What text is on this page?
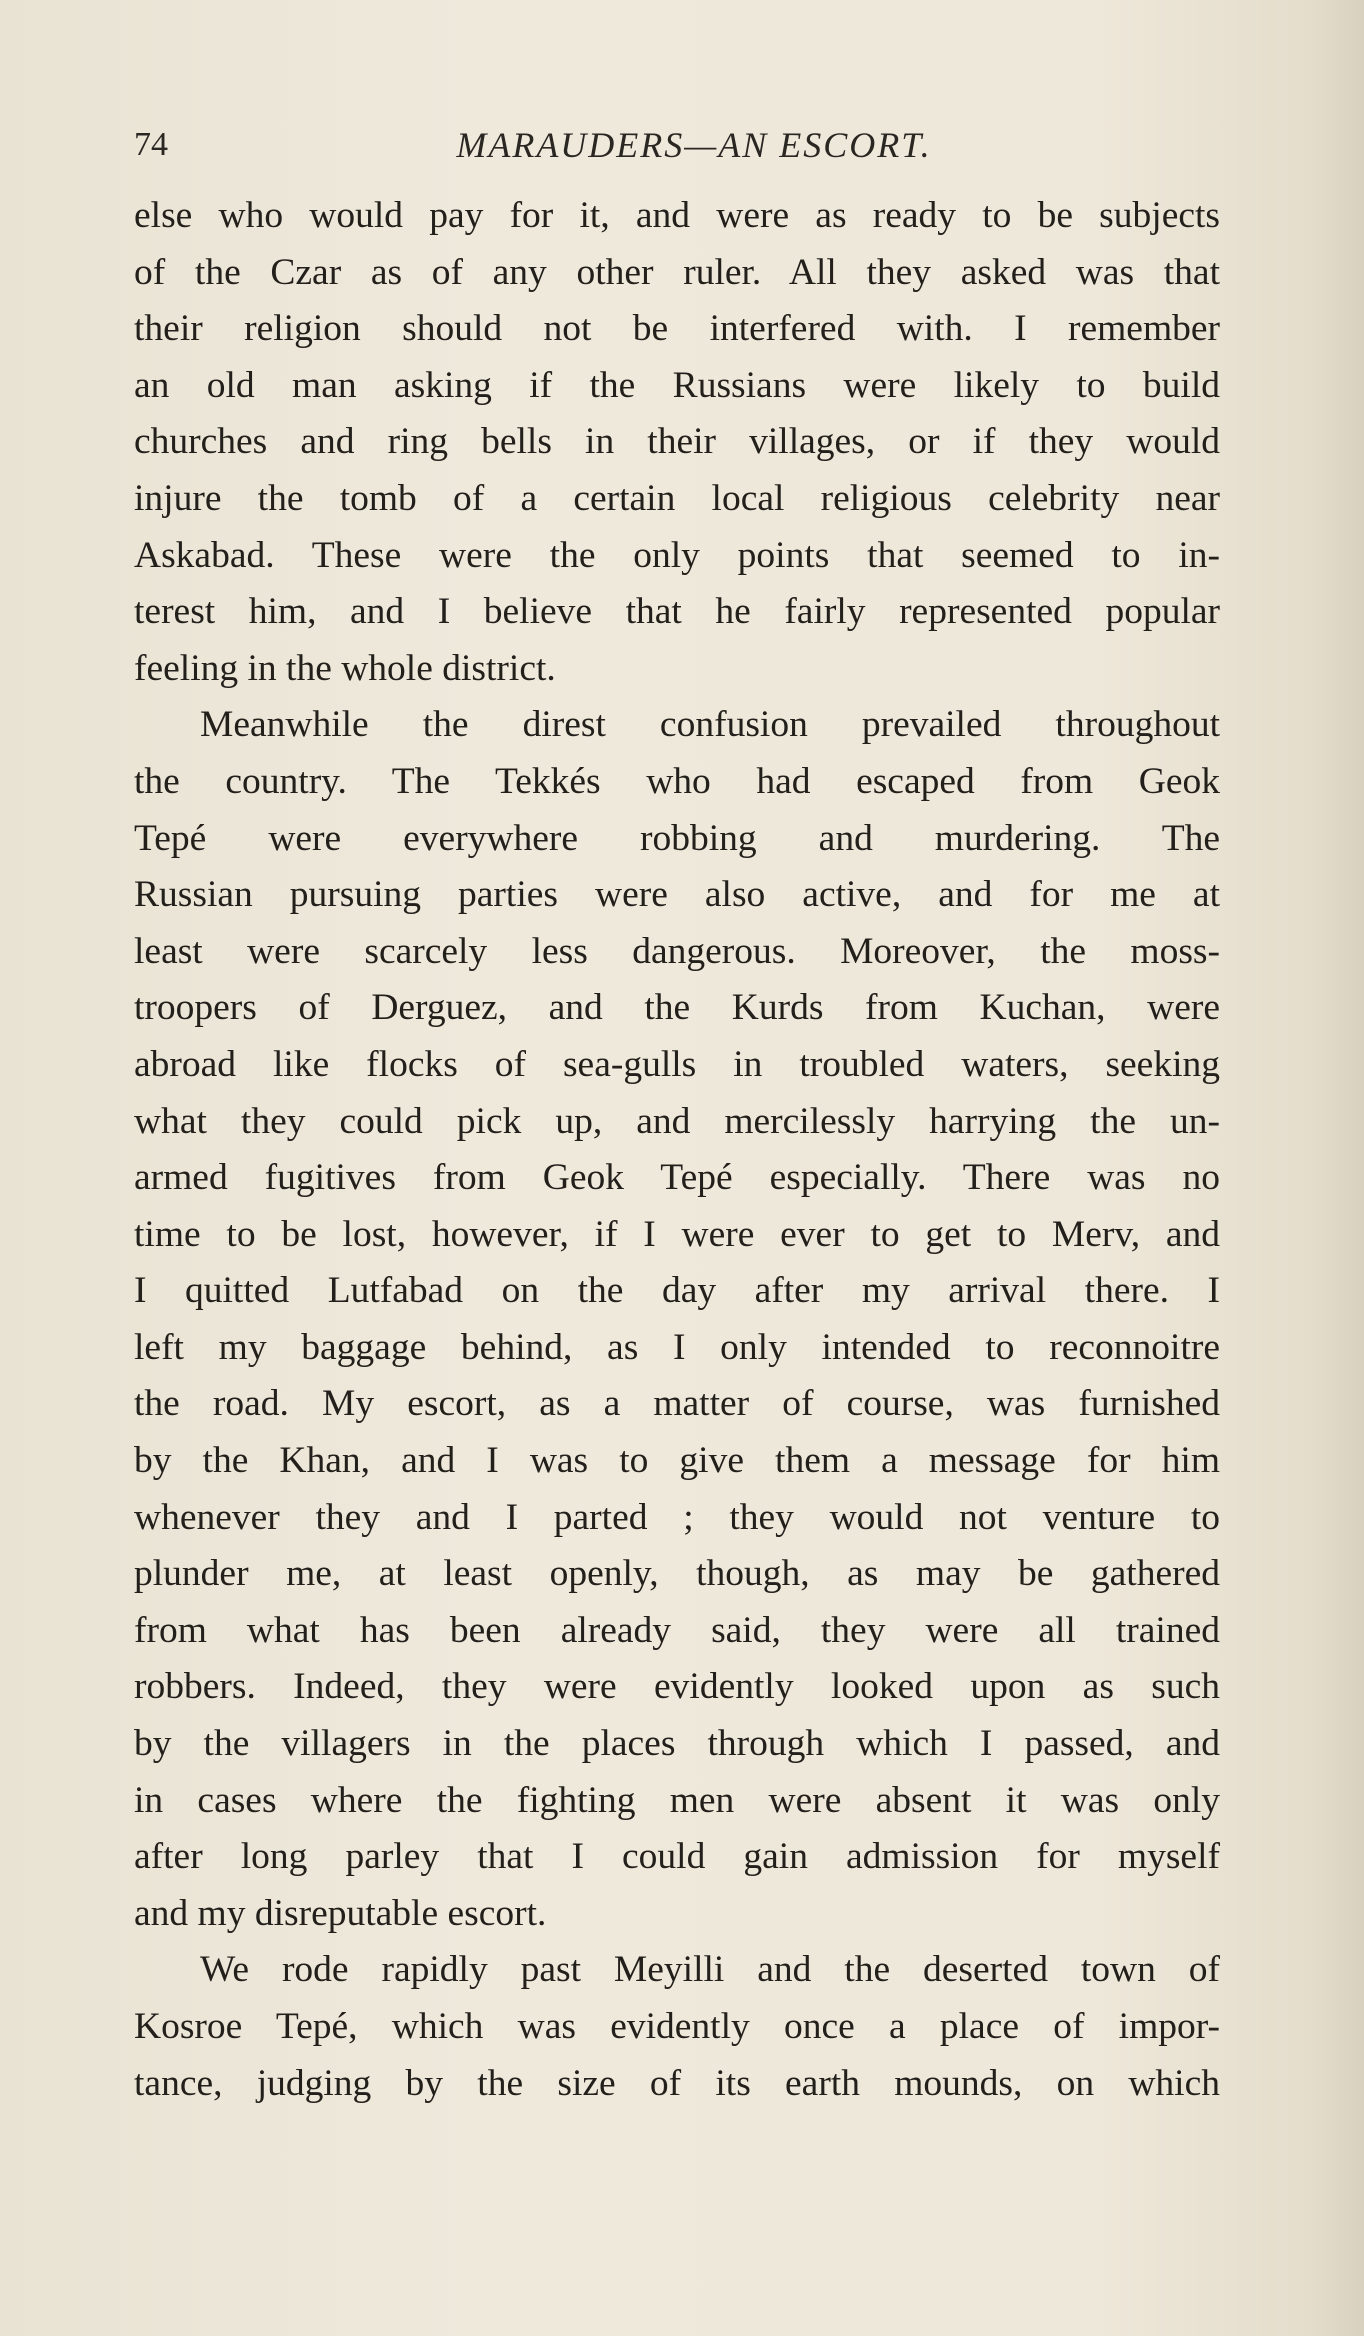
74	MARAUDERS—AN ESCORT.
else who would pay for it, and were as ready to be subjects
of the Czar as of any other ruler. All they asked was that
their religion should not be interfered with. I remember
an old man asking if the Russians were likely to build
churches and ring bells in their villages, or if they would
injure the tomb of a certain local religious celebrity near
Askabad. These were the only points that seemed to in-
terest him, and I believe that he fairly represented popular
feeling in the whole district.
Meanwhile the direst confusion prevailed throughout
the country. The Tekkés who had escaped from Geok
Tepé were everywhere robbing and murdering. The
Russian pursuing parties were also active, and for me at
least were scarcely less dangerous. Moreover, the moss-
troopers of Derguez, and the Kurds from Kuchan, were
abroad like flocks of sea-gulls in troubled waters, seeking
what they could pick up, and mercilessly harrying the un-
armed fugitives from Geok Tepé especially. There was no
time to be lost, however, if I were ever to get to Merv, and
I quitted Lutfabad on the day after my arrival there. I
left my baggage behind, as I only intended to reconnoitre
the road. My escort, as a matter of course, was furnished
by the Khan, and I was to give them a message for him
whenever they and I parted ; they would not venture to
plunder me, at least openly, though, as may be gathered
from what has been already said, they were all trained
robbers. Indeed, they were evidently looked upon as such
by the villagers in the places through which I passed, and
in cases where the fighting men were absent it was only
after long parley that I could gain admission for myself
and my disreputable escort.
We rode rapidly past Meyilli and the deserted town of
Kosroe Tepé, which was evidently once a place of impor-
tance, judging by the size of its earth mounds, on which
